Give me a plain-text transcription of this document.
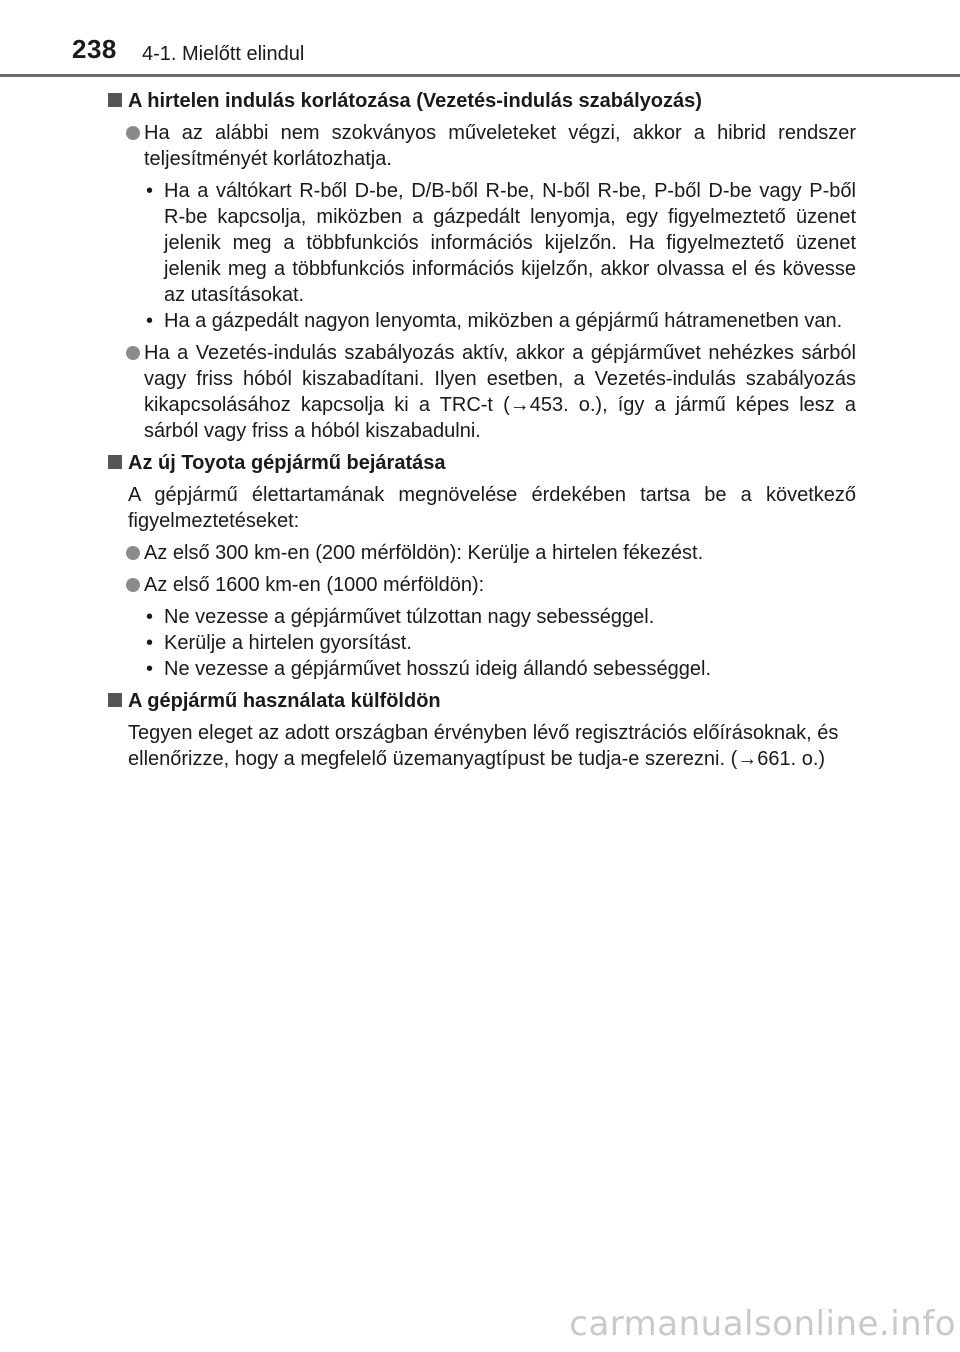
238 4-1. Mielőtt elindul
A hirtelen indulás korlátozása (Vezetés-indulás szabályozás)
Ha az alábbi nem szokványos műveleteket végzi, akkor a hibrid rendszer teljesítményét korlátozhatja.
• Ha a váltókart R-ből D-be, D/B-ből R-be, N-ből R-be, P-ből D-be vagy P-ből R-be kapcsolja, miközben a gázpedált lenyomja, egy figyelmeztető üzenet jelenik meg a többfunkciós információs kijelzőn. Ha figyelmeztető üzenet jelenik meg a többfunkciós információs kijelzőn, akkor olvassa el és kövesse az utasításokat.
• Ha a gázpedált nagyon lenyomta, miközben a gépjármű hátramenetben van.
Ha a Vezetés-indulás szabályozás aktív, akkor a gépjárművet nehézkes sárból vagy friss hóból kiszabadítani. Ilyen esetben, a Vezetés-indulás szabályozás kikapcsolásához kapcsolja ki a TRC-t (→453. o.), így a jármű képes lesz a sárból vagy friss a hóból kiszabadulni.
Az új Toyota gépjármű bejáratása
A gépjármű élettartamának megnövelése érdekében tartsa be a következő figyelmeztetéseket:
Az első 300 km-en (200 mérföldön): Kerülje a hirtelen fékezést.
Az első 1600 km-en (1000 mérföldön):
• Ne vezesse a gépjárművet túlzottan nagy sebességgel.
• Kerülje a hirtelen gyorsítást.
• Ne vezesse a gépjárművet hosszú ideig állandó sebességgel.
A gépjármű használata külföldön
Tegyen eleget az adott országban érvényben lévő regisztrációs előírásoknak, és ellenőrizze, hogy a megfelelő üzemanyagtípust be tudja-e szerezni. (→661. o.)
carmanualsonline.info
